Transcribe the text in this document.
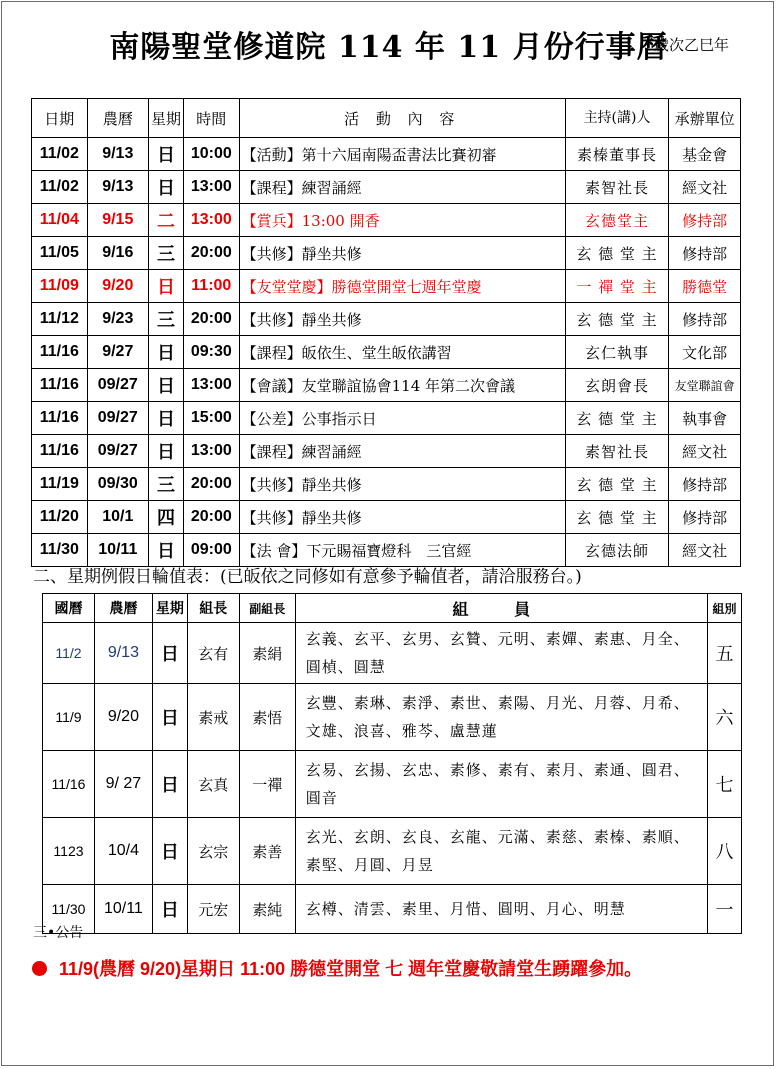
南陽聖堂修道院 114 年 11 月份行事曆
歲次乙巳年
日期	農曆	星期	時間	活 動 內 容	主持(講)人	承辦單位
11/02	9/13	日	10:00	【活動】第十六屆南陽盃書法比賽初審	素榛董事長	基金會
11/02	9/13	日	13:00	【課程】練習誦經	素智社長	經文社
11/04	9/15	二	13:00	【賞兵】13:00 開香	玄德堂主	修持部
11/05	9/16	三	20:00	【共修】靜坐共修	玄 德 堂 主	修持部
11/09	9/20	日	11:00	【友堂堂慶】勝德堂開堂七週年堂慶	一 禪 堂 主	勝德堂
11/12	9/23	三	20:00	【共修】靜坐共修	玄 德 堂 主	修持部
11/16	9/27	日	09:30	【課程】皈依生、堂生皈依講習	玄仁執事	文化部
11/16	09/27	日	13:00	【會議】友堂聯誼協會114 年第二次會議	玄朗會長	友堂聯誼會
11/16	09/27	日	15:00	【公差】公事指示日	玄 德 堂 主	執事會
11/16	09/27	日	13:00	【課程】練習誦經	素智社長	經文社
11/19	09/30	三	20:00	【共修】靜坐共修	玄 德 堂 主	修持部
11/20	10/1	四	20:00	【共修】靜坐共修	玄 德 堂 主	修持部
11/30	10/11	日	09:00	【法 會】下元賜福寶燈科　三官經	玄德法師	經文社
二、星期例假日輪值表：(已皈依之同修如有意參予輪值者，請洽服務台。)
國曆	農曆	星期	組長	副組長	組 員	組別
11/2	9/13	日	玄有	素絹	玄義、玄平、玄男、玄贊、元明、素嬋、素惠、月全、圓楨、圓慧	五
11/9	9/20	日	素戒	素悟	玄豐、素琳、素淨、素世、素陽、月光、月蓉、月希、文雄、浪喜、雅芩、盧慧蓮	六
11/16	9/ 27	日	玄真	一禪	玄易、玄揚、玄忠、素修、素有、素月、素通、圓君、圓音	七
1123	10/4	日	玄宗	素善	玄光、玄朗、玄良、玄龍、元滿、素慈、素榛、素順、素堅、月圓、月昱	八
11/30	10/11	日	元宏	素純	玄樽、清雲、素里、月惜、圓明、月心、明慧	一
三•公告
11/9(農曆 9/20)星期日 11:00 勝德堂開堂 七 週年堂慶敬請堂生踴躍參加。
